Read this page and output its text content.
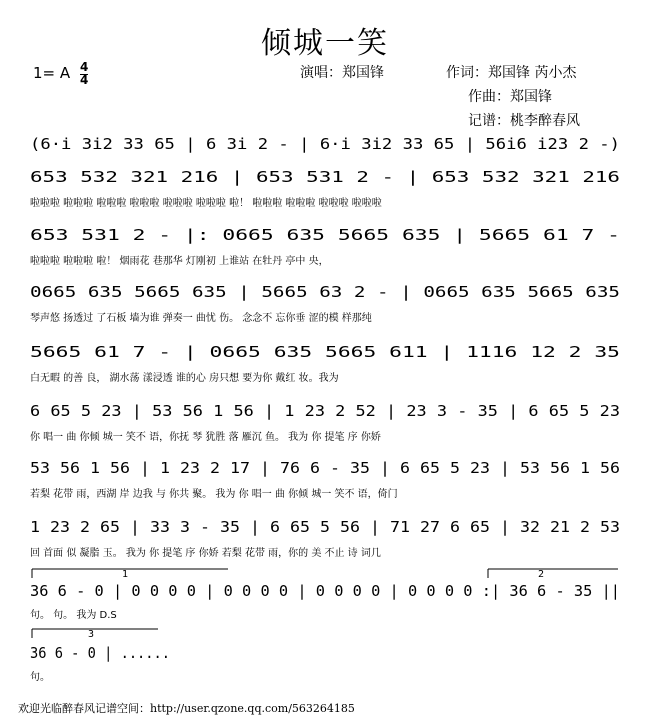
倾城一笑
1= A 4
4	演唱：郑国锋	作词：郑国锋 芮小杰
作曲：郑国锋
记谱：桃李醉春风
(6·i 3i2 33 65 | 6 3i 2 - | 6·i 3i2 33 65 | 56i6 i23 2 -)
653 532 321 216 | 653 531 2 - | 653 532 321 216
啦啦啦 啦啦啦 啦啦啦 啦啦啦 啦啦啦 啦啦啦 啦！ 啦啦啦 啦啦啦 啦啦啦 啦啦啦
653 531 2 - |: 0665 635 5665 635 | 5665 61 7 -
啦啦啦 啦啦啦 啦！ 烟雨花 巷那华 灯刚初 上谁站 在牡丹 亭中 央，
0665 635 5665 635 | 5665 63 2 - | 0665 635 5665 635
琴声悠 扬透过 了石板 墙为谁 弹奏一 曲忧 伤。 念念不 忘你垂 涩的模 样那纯
5665 61 7 - | 0665 635 5665 611 | 1116 12 2 35
白无暇 的善 良， 湖水荡 漾浸透 谁的心 房只想 要为你 戴红 妆。我为
6 65 5 23 | 53 56 1 56 | 1 23 2 52 | 23 3 - 35 | 6 65 5 23
你 唱一 曲 你倾 城一 笑不 语，你抚 琴 犹胜 落 雁沉 鱼。 我为 你 提笔 序 你娇
53 56 1 56 | 1 23 2 17 | 76 6 - 35 | 6 65 5 23 | 53 56 1 56
若梨 花带 雨，西湖 岸 边我 与 你共 聚。 我为 你 唱一 曲 你倾 城一 笑不 语，倚门
1 23 2 65 | 33 3 - 35 | 6 65 5 56 | 71 27 6 65 | 32 21 2 53
回 首面 似 凝脂 玉。 我为 你 提笔 序 你娇 若梨 花带 雨，你的 美 不止 诗 词几
1	2
36 6 - 0 | 0 0 0 0 | 0 0 0 0 | 0 0 0 0 | 0 0 0 0 :| 36 6 - 35 ||
句。 句。 我为 D.S
3
36 6 - 0 | ......
句。
欢迎光临醉春风记谱空间：http://user.qzone.qq.com/563264185
